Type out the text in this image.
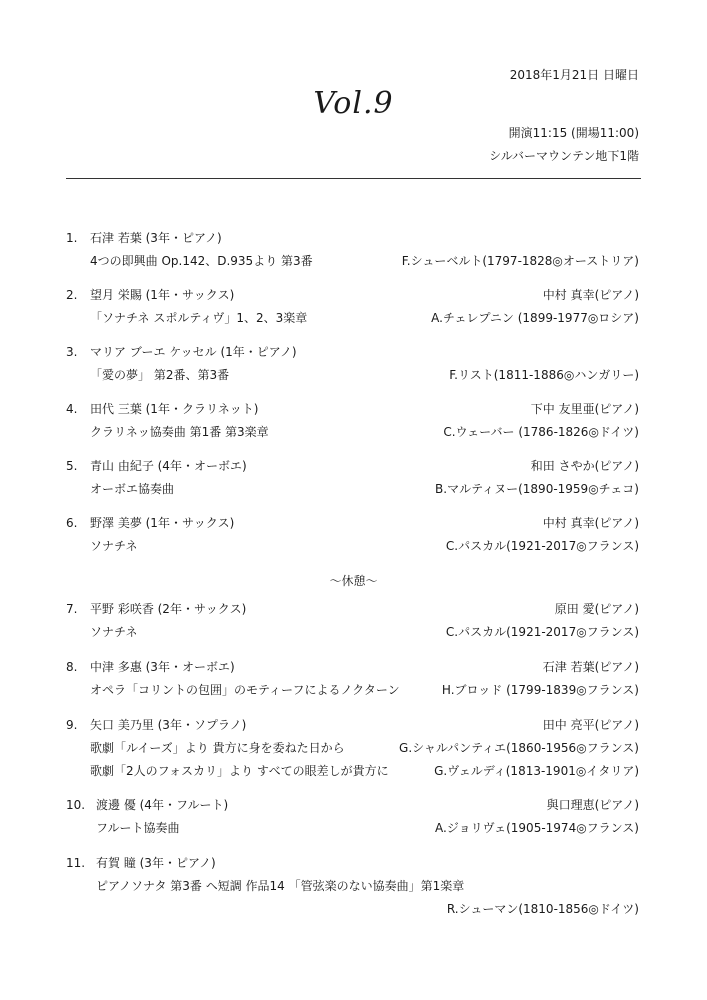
2018年1月21日 日曜日
Vol.9
開演11:15 (開場11:00)
シルバーマウンテン地下1階
1. 石津 若葉 (3年・ピアノ)
4つの即興曲 Op.142、D.935より 第3番	F.シューベルト(1797-1828◎オーストリア)
2. 望月 栄賜 (1年・サックス)	中村 真幸(ピアノ)
「ソナチネ スポルティヴ」1、2、3楽章	A.チェレプニン (1899-1977◎ロシア)
3. マリア ブーエ ケッセル (1年・ピアノ)
「愛の夢」 第2番、第3番	F.リスト(1811-1886◎ハンガリー)
4. 田代 三葉 (1年・クラリネット)	下中 友里亜(ピアノ)
クラリネッ協奏曲 第1番 第3楽章	C.ウェーバー (1786-1826◎ドイツ)
5. 青山 由紀子 (4年・オーボエ)	和田 さやか(ピアノ)
オーボエ協奏曲	B.マルティヌー(1890-1959◎チェコ)
6. 野澤 美夢 (1年・サックス)	中村 真幸(ピアノ)
ソナチネ	C.パスカル(1921-2017◎フランス)
〜休憩〜
7. 平野 彩咲香 (2年・サックス)	原田 愛(ピアノ)
ソナチネ	C.パスカル(1921-2017◎フランス)
8. 中津 多惠 (3年・オーボエ)	石津 若葉(ピアノ)
オペラ「コリントの包囲」のモティーフによるノクターン	H.ブロッド (1799-1839◎フランス)
9. 矢口 美乃里 (3年・ソプラノ)	田中 亮平(ピアノ)
歌劇「ルイーズ」より 貴方に身を委ねた日から	G.シャルパンティエ(1860-1956◎フランス)
歌劇「2人のフォスカリ」より すべての眼差しが貴方に	G.ヴェルディ(1813-1901◎イタリア)
10. 渡邊 優 (4年・フルート)	與口理恵(ピアノ)
フルート協奏曲	A.ジョリヴェ(1905-1974◎フランス)
11. 有賀 瞳 (3年・ピアノ)
ピアノソナタ 第3番 ヘ短調 作品14 「管弦楽のない協奏曲」第1楽章
R.シューマン(1810-1856◎ドイツ)
